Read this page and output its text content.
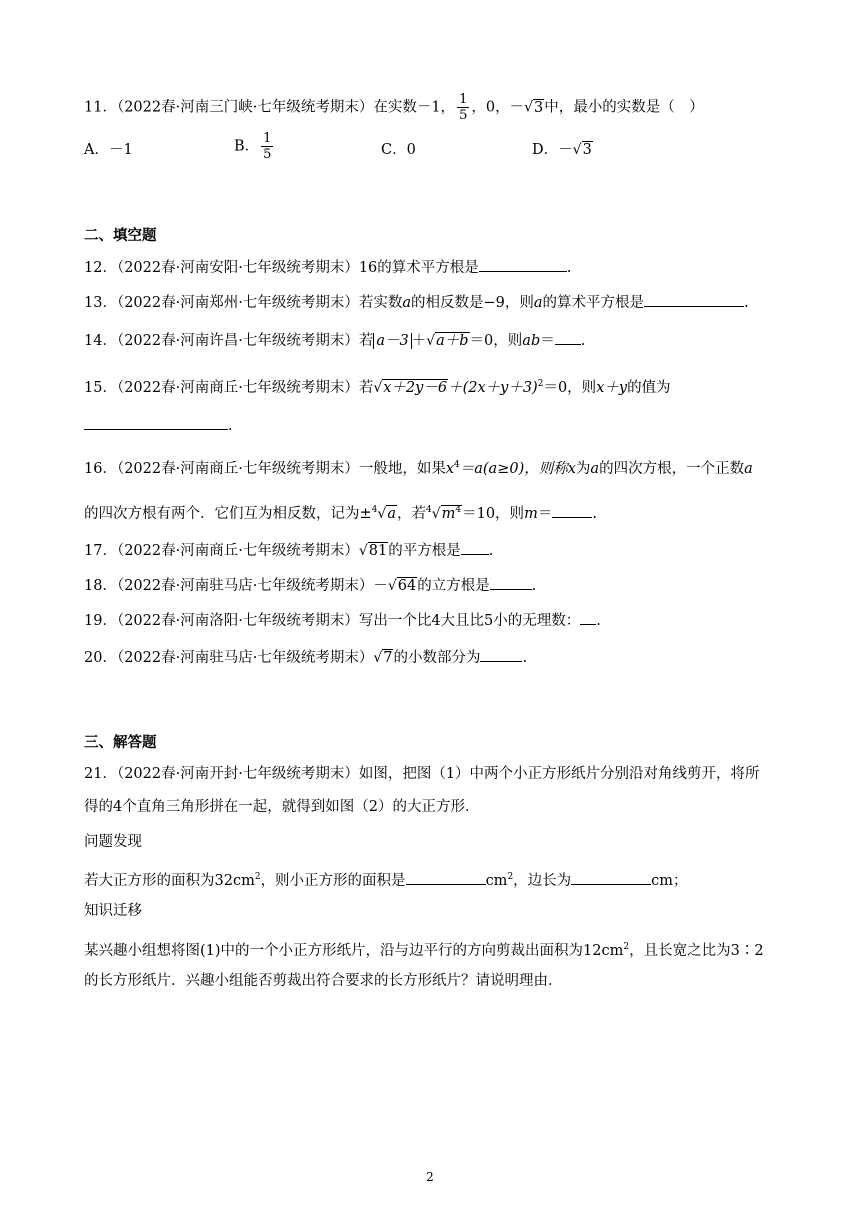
11．（2022春·河南三门峡·七年级统考期末）在实数－1， $\frac{1}{5}$ ，0，－√3中，最小的实数是（　）
A．－1	B． $\frac{1}{5}$	C．0	D．－√3
二、填空题
12．（2022春·河南安阳·七年级统考期末）16的算术平方根是	.
13．（2022春·河南郑州·七年级统考期末）若实数a的相反数是−9，则a的算术平方根是	.
14．（2022春·河南许昌·七年级统考期末）若 a－3 ＋√a＋b＝0，则ab＝ .
15．（2022春·河南商丘·七年级统考期末）若$√x+2y-6+(2x+y+3)^2=0$，则x＋y的值为
.
16．（2022春·河南商丘·七年级统考期末）一般地，如果$x^4=a(a\ge 0)$，则称x为a的四次方根，一个正数a
的四次方根有两个．它们互为相反数，记为±$^4$√a，若$^4√m^4=10$，则m＝	.
17．（2022春·河南商丘·七年级统考期末）√81的平方根是 .
18．（2022春·河南驻马店·七年级统考期末）－√64的立方根是	.
19．（2022春·河南洛阳·七年级统考期末）写出一个比4大且比5小的无理数： .
20．（2022春·河南驻马店·七年级统考期末）√7的小数部分为	.
三、解答题
21．（2022春·河南开封·七年级统考期末）如图，把图（1）中两个小正方形纸片分别沿对角线剪开，将所
得的4个直角三角形拼在一起，就得到如图（2）的大正方形．
问题发现
若大正方形的面积为$32cm^2$，则小正方形的面积是	$cm^2$，边长为	cm；
知识迁移
某兴趣小组想将图(1)中的一个小正方形纸片，沿与边平行的方向剪裁出面积为$12cm^2$，且长宽之比为3∶2
的长方形纸片．兴趣小组能否剪裁出符合要求的长方形纸片？请说明理由．
2
